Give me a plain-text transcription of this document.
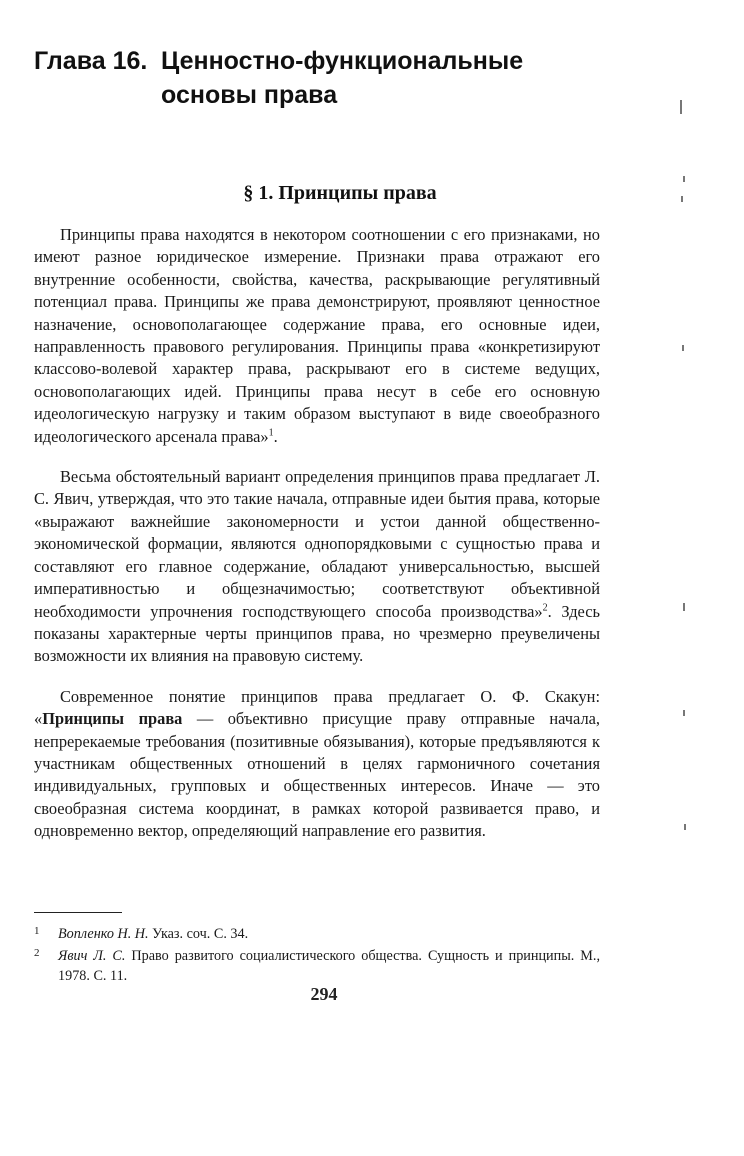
Глава 16. Ценностно-функциональные основы права
§ 1. Принципы права

Принципы права находятся в некотором соотношении с его признаками, но имеют разное юридическое измерение. Признаки права отражают его внутренние особенности, свойства, качества, раскрывающие регулятивный потенциал права. Принципы же права демонстрируют, проявляют ценностное назначение, основополагающее содержание права, его основные идеи, направленность правового регулирования. Принципы права «конкретизируют классово-волевой характер права, раскрывают его в системе ведущих, основополагающих идей. Принципы права несут в себе его основную идеологическую нагрузку и таким образом выступают в виде своеобразного идеологического арсенала права»$^1$.

Весьма обстоятельный вариант определения принципов права предлагает Л. С. Явич, утверждая, что это такие начала, отправные идеи бытия права, которые «выражают важнейшие закономерности и устои данной общественно-экономической формации, являются однопорядковыми с сущностью права и составляют его главное содержание, обладают универсальностью, высшей императивностью и общезначимостью; соответствуют объективной необходимости упрочнения господствующего способа производства»$^2$. Здесь показаны характерные черты принципов права, но чрезмерно преувеличены возможности их влияния на правовую систему.

Современное понятие принципов права предлагает О. Ф. Скакун: «Принципы права — объективно присущие праву отправные начала, непререкаемые требования (позитивные обязывания), которые предъявляются к участникам общественных отношений в целях гармоничного сочетания индивидуальных, групповых и общественных интересов. Иначе — это своеобразная система координат, в рамках которой развивается право, и одновременно вектор, определяющий направление его развития.

1	Вопленко Н. Н. Указ. соч. С. 34.
2	Явич Л. С. Право развитого социалистического общества. Сущность и принципы. М., 1978. С. 11.
294
